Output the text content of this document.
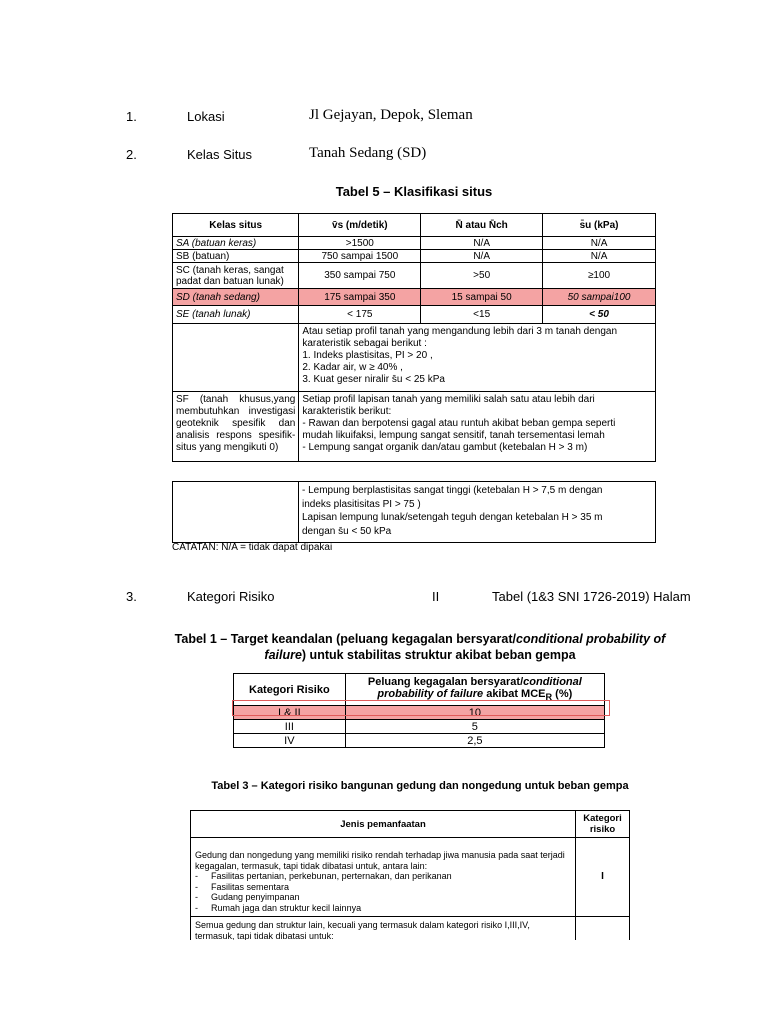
1.	Lokasi	Jl Gejayan, Depok, Sleman
2.	Kelas Situs	Tanah Sedang (SD)
Tabel 5 – Klasifikasi situs
Kelas situs	v̄s (m/detik)	N̄ atau N̄ch	s̄u (kPa)
SA (batuan keras)	>1500	N/A	N/A
SB (batuan)	750 sampai 1500	N/A	N/A
SC (tanah keras, sangat padat dan batuan lunak)	350 sampai 750	>50	≥100
SD (tanah sedang)	175 sampai 350	15 sampai 50	50 sampai100
SE (tanah lunak)	< 175	<15	< 50

	Atau setiap profil tanah yang mengandung lebih dari 3 m tanah dengan
karateristik sebagai berikut :
1. Indeks plastisitas, PI > 20 ,
2. Kadar air, w ≥ 40% ,
3. Kuat geser niralir s̄u < 25 kPa		

SF (tanah khusus,yang membutuhkan investigasi geoteknik spesifik dan analisis respons spesifik-situs yang mengikuti 0)	Setiap profil lapisan tanah yang memiliki salah satu atau lebih dari
karakteristik berikut:
- Rawan dan berpotensi gagal atau runtuh akibat beban gempa seperti
mudah likuifaksi, lempung sangat sensitif, tanah tersementasi lemah
- Lempung sangat organik dan/atau gambut (ketebalan H > 3 m)		
- Lempung berplastisitas sangat tinggi (ketebalan H > 7,5 m dengan
indeks plasitisitas PI > 75 )
Lapisan lempung lunak/setengah teguh dengan ketebalan H > 35 m
dengan s̄u < 50 kPa
CATATAN: N/A = tidak dapat dipakai
3.	Kategori Risiko	II	Tabel (1&3 SNI 1726-2019) Halam
Tabel 1 – Target keandalan (peluang kegagalan bersyarat/conditional probability of
failure) untuk stabilitas struktur akibat beban gempa
Kategori Risiko	Peluang kegagalan bersyarat/conditional probability of failure akibat $MCE_R$ (%)
I & II	10
III	5
IV	2,5
Tabel 3 – Kategori risiko bangunan gedung dan nongedung untuk beban gempa
Jenis pemanfaatan	Kategori risiko

Gedung dan nongedung yang memiliki risiko rendah terhadap jiwa manusia pada saat terjadi kegagalan, termasuk, tapi tidak dibatasi untuk, antara lain:
- Fasilitas pertanian, perkebunan, perternakan, dan perikanan
- Fasilitas sementara
- Gudang penyimpanan
- Rumah jaga dan struktur kecil lainnya	I

Semua gedung dan struktur lain, kecuali yang termasuk dalam kategori risiko I,III,IV, termasuk, tapi tidak dibatasi untuk:	
